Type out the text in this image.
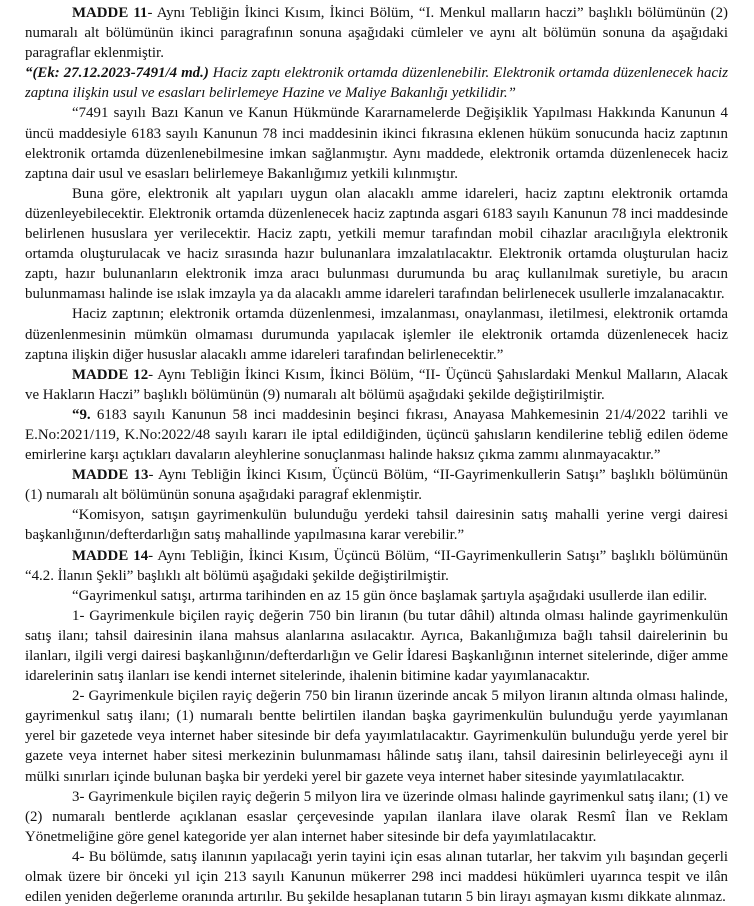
MADDE 11- Aynı Tebliğin İkinci Kısım, İkinci Bölüm, “I. Menkul malların haczi” başlıklı bölümünün (2) numaralı alt bölümünün ikinci paragrafının sonuna aşağıdaki cümleler ve aynı alt bölümün sonuna da aşağıdaki paragraflar eklenmiştir.

“(Ek: 27.12.2023-7491/4 md.) Haciz zaptı elektronik ortamda düzenlenebilir. Elektronik ortamda düzenlenecek haciz zaptına ilişkin usul ve esasları belirlemeye Hazine ve Maliye Bakanlığı yetkilidir.”

“7491 sayılı Bazı Kanun ve Kanun Hükmünde Kararnamelerde Değişiklik Yapılması Hakkında Kanunun 4 üncü maddesiyle 6183 sayılı Kanunun 78 inci maddesinin ikinci fıkrasına eklenen hüküm sonucunda haciz zaptının elektronik ortamda düzenlenebilmesine imkan sağlanmıştır. Aynı maddede, elektronik ortamda düzenlenecek haciz zaptına dair usul ve esasları belirlemeye Bakanlığımız yetkili kılınmıştır.

Buna göre, elektronik alt yapıları uygun olan alacaklı amme idareleri, haciz zaptını elektronik ortamda düzenleyebilecektir. Elektronik ortamda düzenlenecek haciz zaptında asgari 6183 sayılı Kanunun 78 inci maddesinde belirlenen hususlara yer verilecektir. Haciz zaptı, yetkili memur tarafından mobil cihazlar aracılığıyla elektronik ortamda oluşturulacak ve haciz sırasında hazır bulunanlara imzalatılacaktır. Elektronik ortamda oluşturulan haciz zaptı, hazır bulunanların elektronik imza aracı bulunması durumunda bu araç kullanılmak suretiyle, bu aracın bulunmaması halinde ise ıslak imzayla ya da alacaklı amme idareleri tarafından belirlenecek usullerle imzalanacaktır.

Haciz zaptının; elektronik ortamda düzenlenmesi, imzalanması, onaylanması, iletilmesi, elektronik ortamda düzenlenmesinin mümkün olmaması durumunda yapılacak işlemler ile elektronik ortamda düzenlenecek haciz zaptına ilişkin diğer hususlar alacaklı amme idareleri tarafından belirlenecektir.”

MADDE 12- Aynı Tebliğin İkinci Kısım, İkinci Bölüm, “II- Üçüncü Şahıslardaki Menkul Malların, Alacak ve Hakların Haczi” başlıklı bölümünün (9) numaralı alt bölümü aşağıdaki şekilde değiştirilmiştir.

“9. 6183 sayılı Kanunun 58 inci maddesinin beşinci fıkrası, Anayasa Mahkemesinin 21/4/2022 tarihli ve E.No:2021/119, K.No:2022/48 sayılı kararı ile iptal edildiğinden, üçüncü şahısların kendilerine tebliğ edilen ödeme emirlerine karşı açtıkları davaların aleyhlerine sonuçlanması halinde haksız çıkma zammı alınmayacaktır.”

MADDE 13- Aynı Tebliğin İkinci Kısım, Üçüncü Bölüm, “II-Gayrimenkullerin Satışı” başlıklı bölümünün (1) numaralı alt bölümünün sonuna aşağıdaki paragraf eklenmiştir.

“Komisyon, satışın gayrimenkulün bulunduğu yerdeki tahsil dairesinin satış mahalli yerine vergi dairesi başkanlığının/defterdarlığın satış mahallinde yapılmasına karar verebilir.”

MADDE 14- Aynı Tebliğin, İkinci Kısım, Üçüncü Bölüm, “II-Gayrimenkullerin Satışı” başlıklı bölümünün “4.2. İlanın Şekli” başlıklı alt bölümü aşağıdaki şekilde değiştirilmiştir.

“Gayrimenkul satışı, artırma tarihinden en az 15 gün önce başlamak şartıyla aşağıdaki usullerde ilan edilir.

1- Gayrimenkule biçilen rayiç değerin 750 bin liranın (bu tutar dâhil) altında olması halinde gayrimenkulün satış ilanı; tahsil dairesinin ilana mahsus alanlarına asılacaktır. Ayrıca, Bakanlığımıza bağlı tahsil dairelerinin bu ilanları, ilgili vergi dairesi başkanlığının/defterdarlığın ve Gelir İdaresi Başkanlığının internet sitelerinde, diğer amme idarelerinin satış ilanları ise kendi internet sitelerinde, ihalenin bitimine kadar yayımlanacaktır.

2- Gayrimenkule biçilen rayiç değerin 750 bin liranın üzerinde ancak 5 milyon liranın altında olması halinde, gayrimenkul satış ilanı; (1) numaralı bentte belirtilen ilandan başka gayrimenkulün bulunduğu yerde yayımlanan yerel bir gazetede veya internet haber sitesinde bir defa yayımlatılacaktır. Gayrimenkulün bulunduğu yerde yerel bir gazete veya internet haber sitesi merkezinin bulunmaması hâlinde satış ilanı, tahsil dairesinin belirleyeceği aynı il mülki sınırları içinde bulunan başka bir yerdeki yerel bir gazete veya internet haber sitesinde yayımlatılacaktır.

3- Gayrimenkule biçilen rayiç değerin 5 milyon lira ve üzerinde olması halinde gayrimenkul satış ilanı; (1) ve (2) numaralı bentlerde açıklanan esaslar çerçevesinde yapılan ilanlara ilave olarak Resmî İlan ve Reklam Yönetmeliğine göre genel kategoride yer alan internet haber sitesinde bir defa yayımlatılacaktır.

4- Bu bölümde, satış ilanının yapılacağı yerin tayini için esas alınan tutarlar, her takvim yılı başından geçerli olmak üzere bir önceki yıl için 213 sayılı Kanunun mükerrer 298 inci maddesi hükümleri uyarınca tespit ve ilân edilen yeniden değerleme oranında artırılır. Bu şekilde hesaplanan tutarın 5 bin lirayı aşmayan kısmı dikkate alınmaz.
